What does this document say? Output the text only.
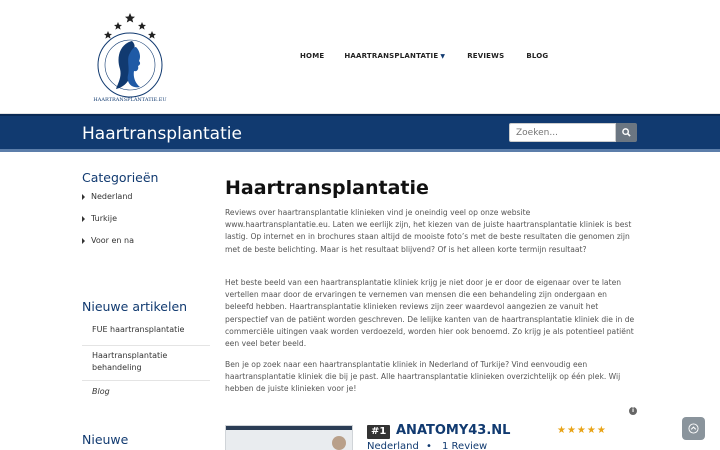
HAARTRANSPLANTATIE.EU
HOME	HAARTRANSPLANTATIE ▼	REVIEWS	BLOG
Haartransplantatie
Zoeken...
Categorieën
Nederland
Turkije
Voor en na
Nieuwe artikelen
FUE haartransplantatie
Haartransplantatie behandeling
Blog
Nieuwe
Haartransplantatie

Reviews over haartransplantatie klinieken vind je oneindig veel op onze website www.haartransplantatie.eu. Laten we eerlijk zijn, het kiezen van de juiste haartransplantatie kliniek is best lastig. Op internet en in brochures staan altijd de mooiste foto’s met de beste resultaten die genomen zijn met de beste belichting. Maar is het resultaat blijvend? Of is het alleen korte termijn resultaat?

Het beste beeld van een haartransplantatie kliniek krijg je niet door je er door de eigenaar over te laten vertellen maar door de ervaringen te vernemen van mensen die een behandeling zijn ondergaan en beleefd hebben. Haartransplantatie klinieken reviews zijn zeer waardevol aangezien ze vanuit het perspectief van de patiënt worden geschreven. De lelijke kanten van de haartransplantatie kliniek die in de commerciële uitingen vaak worden verdoezeld, worden hier ook benoemd. Zo krijg je als potentieel patiënt een veel beter beeld.

Ben je op zoek naar een haartransplantatie kliniek in Nederland of Turkije? Vind eenvoudig een haartransplantatie kliniek die bij je past. Alle haartransplantatie klinieken overzichtelijk op één plek. Wij hebben de juiste klinieken voor je!

i
#1 ANATOMY43.NL	★★★★★
Nederland • 1 Review
